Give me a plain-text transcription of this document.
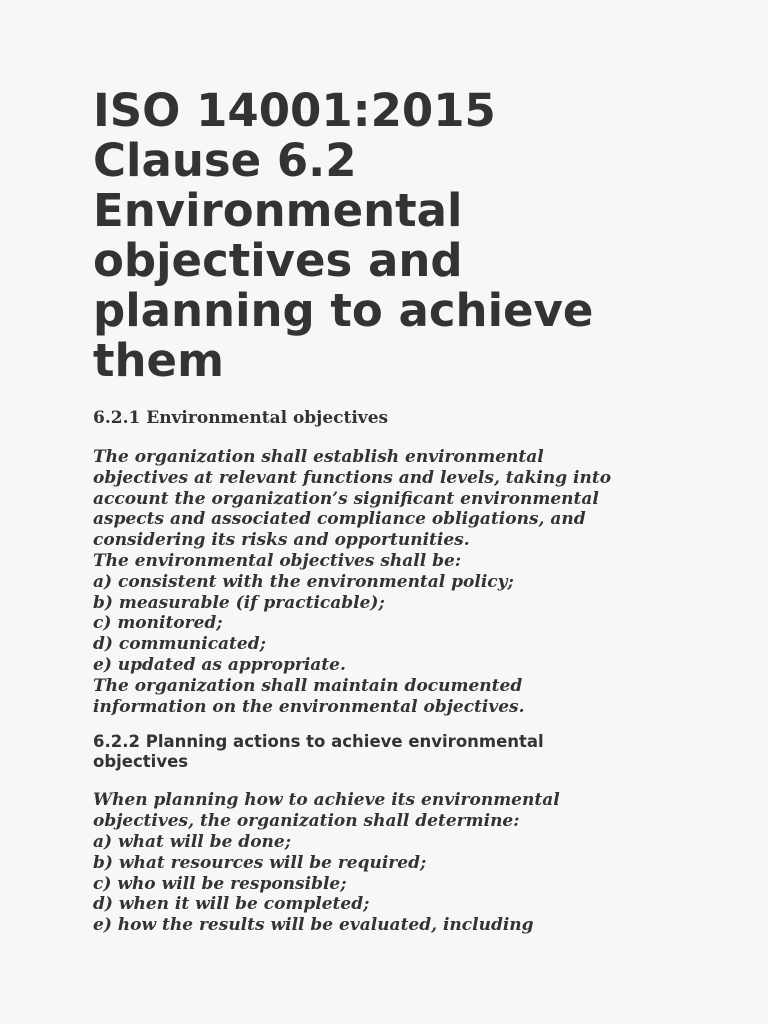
ISO 14001:2015
Clause 6.2
Environmental
objectives and
planning to achieve
them
6.2.1 Environmental objectives

The organization shall establish environmental
objectives at relevant functions and levels, taking into
account the organization’s significant environmental
aspects and associated compliance obligations, and
considering its risks and opportunities.
The environmental objectives shall be:
a) consistent with the environmental policy;
b) measurable (if practicable);
c) monitored;
d) communicated;
e) updated as appropriate.
The organization shall maintain documented
information on the environmental objectives.

6.2.2 Planning actions to achieve environmental
objectives

When planning how to achieve its environmental
objectives, the organization shall determine:
a) what will be done;
b) what resources will be required;
c) who will be responsible;
d) when it will be completed;
e) how the results will be evaluated, including
